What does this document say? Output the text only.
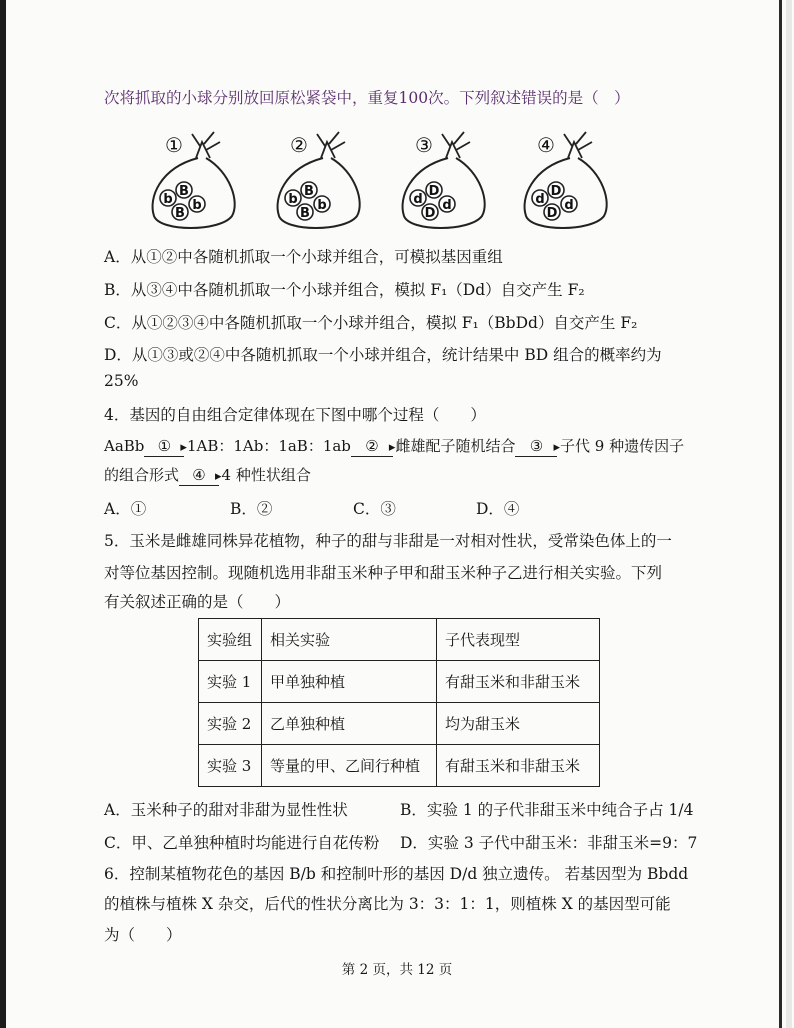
次将抓取的小球分别放回原松紧袋中，重复100次。下列叙述错误的是（　）
①
b
B
B
b
②
b
B
B
b
③
d
D
D
d
④
d
D
D
d
A．从①②中各随机抓取一个小球并组合，可模拟基因重组
B．从③④中各随机抓取一个小球并组合，模拟 F₁（Dd）自交产生 F₂
C．从①②③④中各随机抓取一个小球并组合，模拟 F₁（BbDd）自交产生 F₂
D．从①③或②④中各随机抓取一个小球并组合，统计结果中 BD 组合的概率约为
25%
4．基因的自由组合定律体现在下图中哪个过程（　　）
AaBb ① ▸1AB：1Ab：1aB：1ab ② ▸雌雄配子随机结合 ③ ▸子代 9 种遗传因子
的组合形式 ④ ▸4 种性状组合
A．①	B．②	C．③	D．④
5．玉米是雌雄同株异花植物，种子的甜与非甜是一对相对性状，受常染色体上的一
对等位基因控制。现随机选用非甜玉米种子甲和甜玉米种子乙进行相关实验。下列
有关叙述正确的是（　　）
实验组	相关实验	子代表现型
实验 1	甲单独种植	有甜玉米和非甜玉米
实验 2	乙单独种植	均为甜玉米
实验 3	等量的甲、乙间行种植	有甜玉米和非甜玉米
A．玉米种子的甜对非甜为显性性状	B．实验 1 的子代非甜玉米中纯合子占 1/4
C．甲、乙单独种植时均能进行自花传粉 D．实验 3 子代中甜玉米：非甜玉米=9：7
6．控制某植物花色的基因 B/b 和控制叶形的基因 D/d 独立遗传。 若基因型为 Bbdd
的植株与植株 X 杂交，后代的性状分离比为 3：3：1：1，则植株 X 的基因型可能
为（　　）
第 2 页，共 12 页
